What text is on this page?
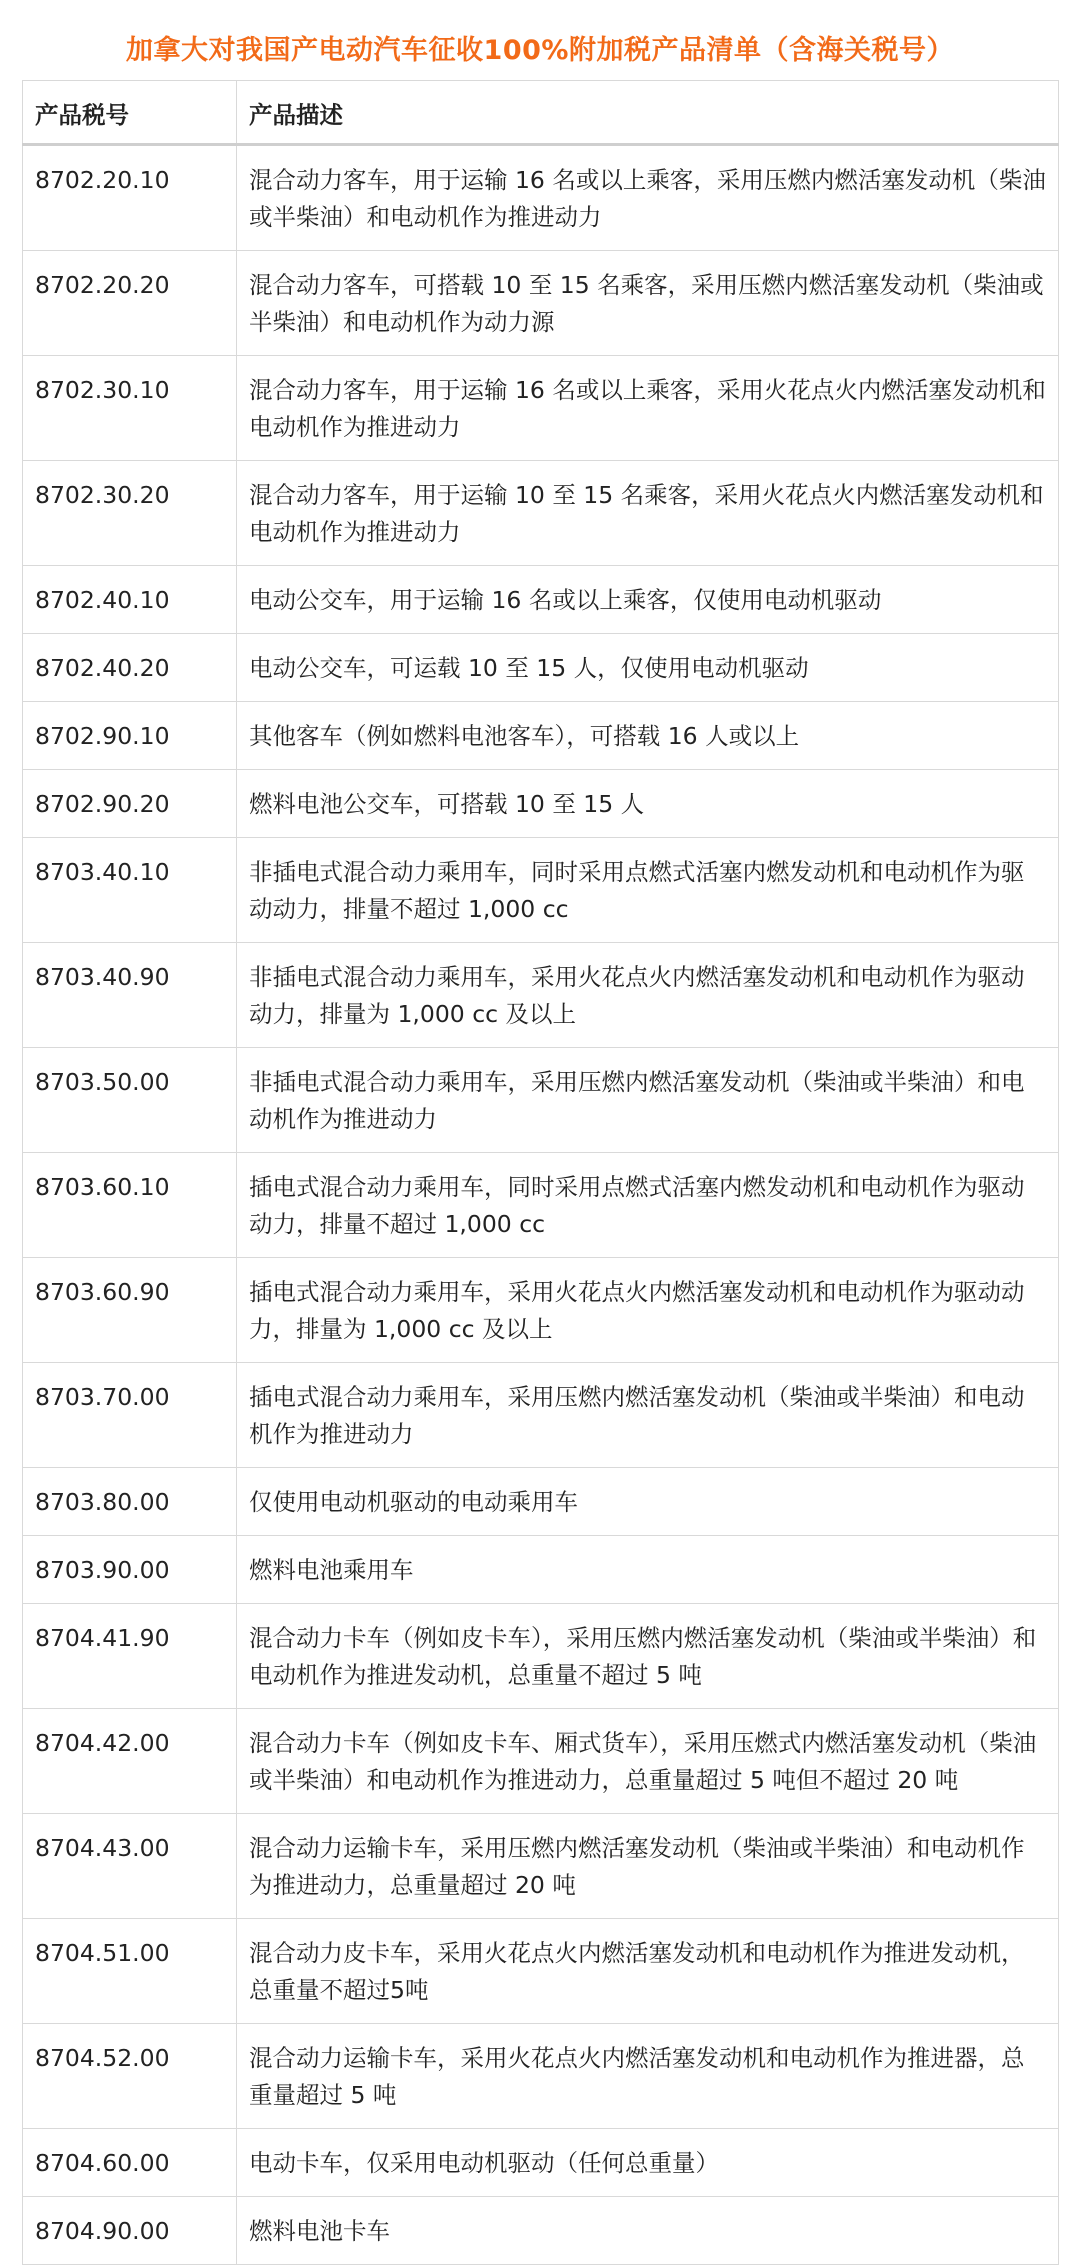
加拿大对我国产电动汽车征收100%附加税产品清单（含海关税号）
产品税号	产品描述
8702.20.10	混合动力客车，用于运输 16 名或以上乘客，采用压燃内燃活塞发动机（柴油或半柴油）和电动机作为推进动力
8702.20.20	混合动力客车，可搭载 10 至 15 名乘客，采用压燃内燃活塞发动机（柴油或半柴油）和电动机作为动力源
8702.30.10	混合动力客车，用于运输 16 名或以上乘客，采用火花点火内燃活塞发动机和电动机作为推进动力
8702.30.20	混合动力客车，用于运输 10 至 15 名乘客，采用火花点火内燃活塞发动机和电动机作为推进动力
8702.40.10	电动公交车，用于运输 16 名或以上乘客，仅使用电动机驱动
8702.40.20	电动公交车，可运载 10 至 15 人，仅使用电动机驱动
8702.90.10	其他客车（例如燃料电池客车），可搭载 16 人或以上
8702.90.20	燃料电池公交车，可搭载 10 至 15 人
8703.40.10	非插电式混合动力乘用车，同时采用点燃式活塞内燃发动机和电动机作为驱动动力，排量不超过 1,000 cc
8703.40.90	非插电式混合动力乘用车，采用火花点火内燃活塞发动机和电动机作为驱动动力，排量为 1,000 cc 及以上
8703.50.00	非插电式混合动力乘用车，采用压燃内燃活塞发动机（柴油或半柴油）和电动机作为推进动力
8703.60.10	插电式混合动力乘用车，同时采用点燃式活塞内燃发动机和电动机作为驱动动力，排量不超过 1,000 cc
8703.60.90	插电式混合动力乘用车，采用火花点火内燃活塞发动机和电动机作为驱动动力，排量为 1,000 cc 及以上
8703.70.00	插电式混合动力乘用车，采用压燃内燃活塞发动机（柴油或半柴油）和电动机作为推进动力
8703.80.00	仅使用电动机驱动的电动乘用车
8703.90.00	燃料电池乘用车
8704.41.90	混合动力卡车（例如皮卡车），采用压燃内燃活塞发动机（柴油或半柴油）和电动机作为推进发动机，总重量不超过 5 吨
8704.42.00	混合动力卡车（例如皮卡车、厢式货车），采用压燃式内燃活塞发动机（柴油或半柴油）和电动机作为推进动力，总重量超过 5 吨但不超过 20 吨
8704.43.00	混合动力运输卡车，采用压燃内燃活塞发动机（柴油或半柴油）和电动机作为推进动力，总重量超过 20 吨
8704.51.00	混合动力皮卡车，采用火花点火内燃活塞发动机和电动机作为推进发动机，总重量不超过5吨
8704.52.00	混合动力运输卡车，采用火花点火内燃活塞发动机和电动机作为推进器，总重量超过 5 吨
8704.60.00	电动卡车，仅采用电动机驱动（任何总重量）
8704.90.00	燃料电池卡车
